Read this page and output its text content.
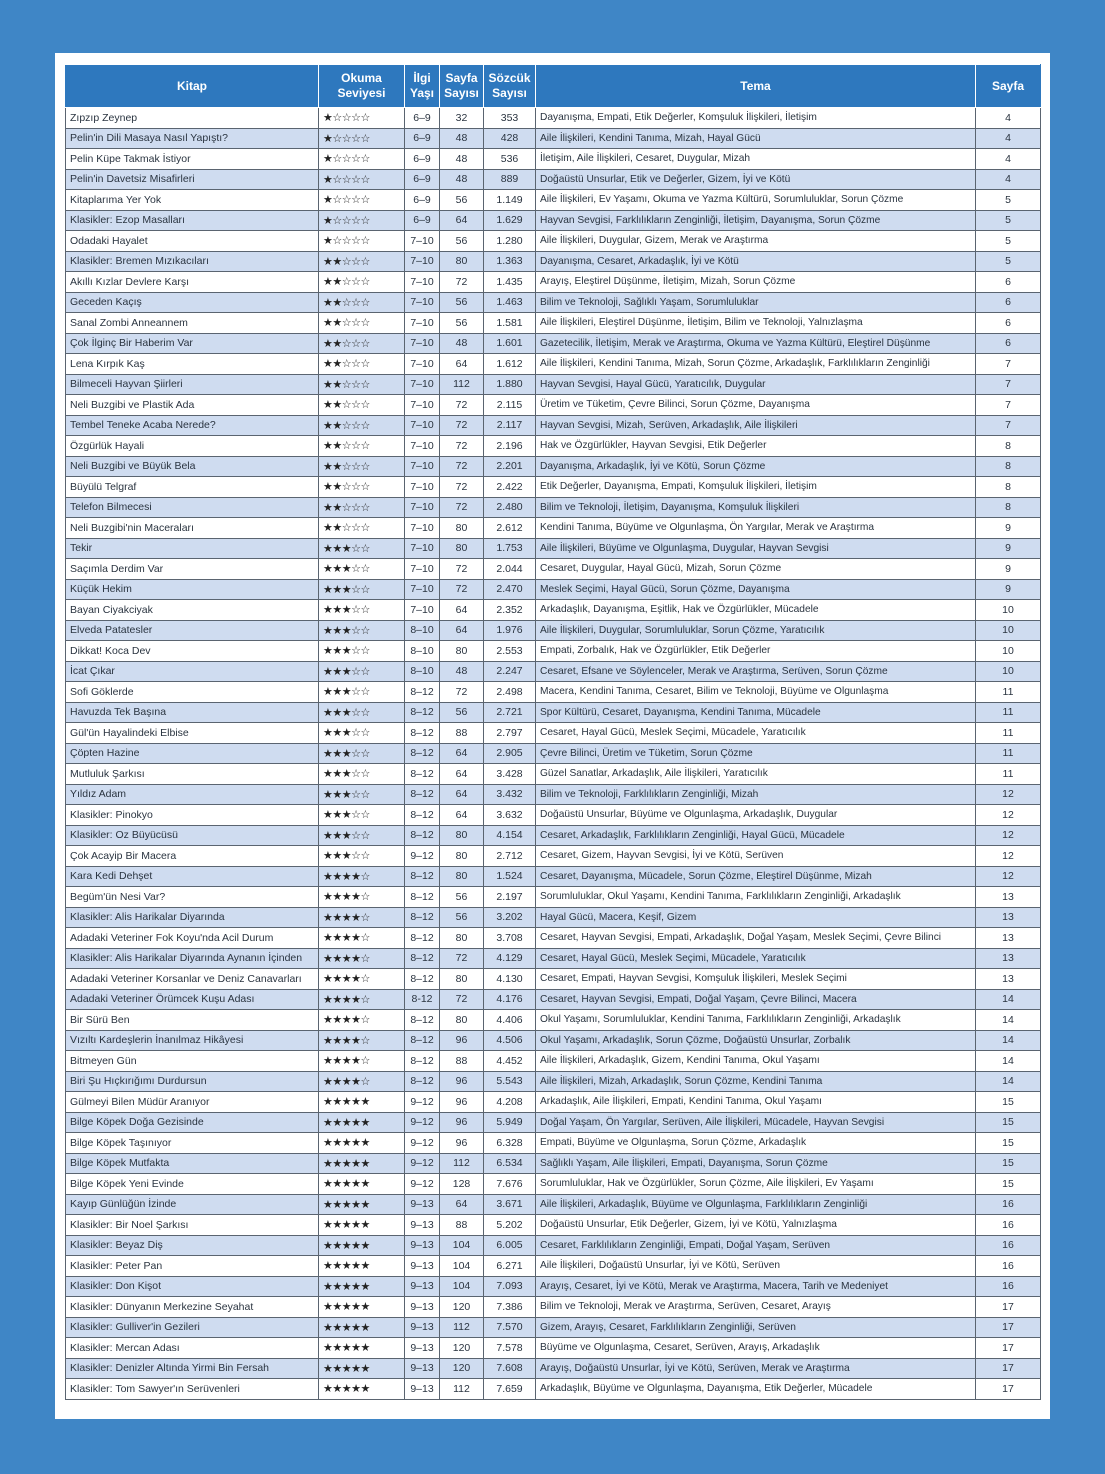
Kitap	Okuma Seviyesi	İlgi Yaşı	Sayfa Sayısı	Sözcük Sayısı	Tema	Sayfa
Zıpzıp Zeynep	★☆☆☆☆	6–9	32	353	Dayanışma, Empati, Etik Değerler, Komşuluk İlişkileri, İletişim	4
Pelin'in Dili Masaya Nasıl Yapıştı?	★☆☆☆☆	6–9	48	428	Aile İlişkileri, Kendini Tanıma, Mizah, Hayal Gücü	4
Pelin Küpe Takmak İstiyor	★☆☆☆☆	6–9	48	536	İletişim, Aile İlişkileri, Cesaret, Duygular, Mizah	4
Pelin'in Davetsiz Misafirleri	★☆☆☆☆	6–9	48	889	Doğaüstü Unsurlar, Etik ve Değerler, Gizem, İyi ve Kötü	4
Kitaplarıma Yer Yok	★☆☆☆☆	6–9	56	1.149	Aile İlişkileri, Ev Yaşamı, Okuma ve Yazma Kültürü, Sorumluluklar, Sorun Çözme	5
Klasikler: Ezop Masalları	★☆☆☆☆	6–9	64	1.629	Hayvan Sevgisi, Farklılıkların Zenginliği, İletişim, Dayanışma, Sorun Çözme	5
Odadaki Hayalet	★☆☆☆☆	7–10	56	1.280	Aile İlişkileri, Duygular, Gizem, Merak ve Araştırma	5
Klasikler: Bremen Mızıkacıları	★★☆☆☆	7–10	80	1.363	Dayanışma, Cesaret, Arkadaşlık, İyi ve Kötü	5
Akıllı Kızlar Devlere Karşı	★★☆☆☆	7–10	72	1.435	Arayış, Eleştirel Düşünme, İletişim, Mizah, Sorun Çözme	6
Geceden Kaçış	★★☆☆☆	7–10	56	1.463	Bilim ve Teknoloji, Sağlıklı Yaşam, Sorumluluklar	6
Sanal Zombi Anneannem	★★☆☆☆	7–10	56	1.581	Aile İlişkileri, Eleştirel Düşünme, İletişim, Bilim ve Teknoloji, Yalnızlaşma	6
Çok İlginç Bir Haberim Var	★★☆☆☆	7–10	48	1.601	Gazetecilik, İletişim, Merak ve Araştırma, Okuma ve Yazma Kültürü, Eleştirel Düşünme	6
Lena Kırpık Kaş	★★☆☆☆	7–10	64	1.612	Aile İlişkileri, Kendini Tanıma, Mizah, Sorun Çözme, Arkadaşlık, Farklılıkların Zenginliği	7
Bilmeceli Hayvan Şiirleri	★★☆☆☆	7–10	112	1.880	Hayvan Sevgisi, Hayal Gücü, Yaratıcılık, Duygular	7
Neli Buzgibi ve Plastik Ada	★★☆☆☆	7–10	72	2.115	Üretim ve Tüketim, Çevre Bilinci, Sorun Çözme, Dayanışma	7
Tembel Teneke Acaba Nerede?	★★☆☆☆	7–10	72	2.117	Hayvan Sevgisi, Mizah, Serüven, Arkadaşlık, Aile İlişkileri	7
Özgürlük Hayali	★★☆☆☆	7–10	72	2.196	Hak ve Özgürlükler, Hayvan Sevgisi, Etik Değerler	8
Neli Buzgibi ve Büyük Bela	★★☆☆☆	7–10	72	2.201	Dayanışma, Arkadaşlık, İyi ve Kötü, Sorun Çözme	8
Büyülü Telgraf	★★☆☆☆	7–10	72	2.422	Etik Değerler, Dayanışma, Empati, Komşuluk İlişkileri, İletişim	8
Telefon Bilmecesi	★★☆☆☆	7–10	72	2.480	Bilim ve Teknoloji, İletişim, Dayanışma, Komşuluk İlişkileri	8
Neli Buzgibi'nin Maceraları	★★☆☆☆	7–10	80	2.612	Kendini Tanıma, Büyüme ve Olgunlaşma, Ön Yargılar, Merak ve Araştırma	9
Tekir	★★★☆☆	7–10	80	1.753	Aile İlişkileri, Büyüme ve Olgunlaşma, Duygular, Hayvan Sevgisi	9
Saçımla Derdim Var	★★★☆☆	7–10	72	2.044	Cesaret, Duygular, Hayal Gücü, Mizah, Sorun Çözme	9
Küçük Hekim	★★★☆☆	7–10	72	2.470	Meslek Seçimi, Hayal Gücü, Sorun Çözme, Dayanışma	9
Bayan Ciyakciyak	★★★☆☆	7–10	64	2.352	Arkadaşlık, Dayanışma, Eşitlik, Hak ve Özgürlükler, Mücadele	10
Elveda Patatesler	★★★☆☆	8–10	64	1.976	Aile İlişkileri, Duygular, Sorumluluklar, Sorun Çözme, Yaratıcılık	10
Dikkat! Koca Dev	★★★☆☆	8–10	80	2.553	Empati, Zorbalık, Hak ve Özgürlükler, Etik Değerler	10
İcat Çıkar	★★★☆☆	8–10	48	2.247	Cesaret, Efsane ve Söylenceler, Merak ve Araştırma, Serüven, Sorun Çözme	10
Sofi Göklerde	★★★☆☆	8–12	72	2.498	Macera, Kendini Tanıma, Cesaret, Bilim ve Teknoloji, Büyüme ve Olgunlaşma	11
Havuzda Tek Başına	★★★☆☆	8–12	56	2.721	Spor Kültürü, Cesaret, Dayanışma, Kendini Tanıma, Mücadele	11
Gül'ün Hayalindeki Elbise	★★★☆☆	8–12	88	2.797	Cesaret, Hayal Gücü, Meslek Seçimi, Mücadele, Yaratıcılık	11
Çöpten Hazine	★★★☆☆	8–12	64	2.905	Çevre Bilinci, Üretim ve Tüketim, Sorun Çözme	11
Mutluluk Şarkısı	★★★☆☆	8–12	64	3.428	Güzel Sanatlar, Arkadaşlık, Aile İlişkileri, Yaratıcılık	11
Yıldız Adam	★★★☆☆	8–12	64	3.432	Bilim ve Teknoloji, Farklılıkların Zenginliği, Mizah	12
Klasikler: Pinokyo	★★★☆☆	8–12	64	3.632	Doğaüstü Unsurlar, Büyüme ve Olgunlaşma, Arkadaşlık, Duygular	12
Klasikler: Oz Büyücüsü	★★★☆☆	8–12	80	4.154	Cesaret, Arkadaşlık, Farklılıkların Zenginliği, Hayal Gücü, Mücadele	12
Çok Acayip Bir Macera	★★★☆☆	9–12	80	2.712	Cesaret, Gizem, Hayvan Sevgisi, İyi ve Kötü, Serüven	12
Kara Kedi Dehşet	★★★★☆	8–12	80	1.524	Cesaret, Dayanışma, Mücadele, Sorun Çözme, Eleştirel Düşünme, Mizah	12
Begüm'ün Nesi Var?	★★★★☆	8–12	56	2.197	Sorumluluklar, Okul Yaşamı, Kendini Tanıma, Farklılıkların Zenginliği, Arkadaşlık	13
Klasikler: Alis Harikalar Diyarında	★★★★☆	8–12	56	3.202	Hayal Gücü, Macera, Keşif, Gizem	13
Adadaki Veteriner Fok Koyu'nda Acil Durum	★★★★☆	8–12	80	3.708	Cesaret, Hayvan Sevgisi, Empati, Arkadaşlık, Doğal Yaşam, Meslek Seçimi, Çevre Bilinci	13
Klasikler: Alis Harikalar Diyarında Aynanın İçinden	★★★★☆	8–12	72	4.129	Cesaret, Hayal Gücü, Meslek Seçimi, Mücadele, Yaratıcılık	13
Adadaki Veteriner Korsanlar ve Deniz Canavarları	★★★★☆	8–12	80	4.130	Cesaret, Empati, Hayvan Sevgisi, Komşuluk İlişkileri, Meslek Seçimi	13
Adadaki Veteriner Örümcek Kuşu Adası	★★★★☆	8-12	72	4.176	Cesaret, Hayvan Sevgisi, Empati, Doğal Yaşam, Çevre Bilinci, Macera	14
Bir Sürü Ben	★★★★☆	8–12	80	4.406	Okul Yaşamı, Sorumluluklar, Kendini Tanıma, Farklılıkların Zenginliği, Arkadaşlık	14
Vızıltı Kardeşlerin İnanılmaz Hikâyesi	★★★★☆	8–12	96	4.506	Okul Yaşamı, Arkadaşlık, Sorun Çözme, Doğaüstü Unsurlar, Zorbalık	14
Bitmeyen Gün	★★★★☆	8–12	88	4.452	Aile İlişkileri, Arkadaşlık, Gizem, Kendini Tanıma, Okul Yaşamı	14
Biri Şu Hıçkırığımı Durdursun	★★★★☆	8–12	96	5.543	Aile İlişkileri, Mizah, Arkadaşlık, Sorun Çözme, Kendini Tanıma	14
Gülmeyi Bilen Müdür Aranıyor	★★★★★	9–12	96	4.208	Arkadaşlık, Aile İlişkileri, Empati, Kendini Tanıma, Okul Yaşamı	15
Bilge Köpek Doğa Gezisinde	★★★★★	9–12	96	5.949	Doğal Yaşam, Ön Yargılar, Serüven, Aile İlişkileri, Mücadele, Hayvan Sevgisi	15
Bilge Köpek Taşınıyor	★★★★★	9–12	96	6.328	Empati, Büyüme ve Olgunlaşma, Sorun Çözme, Arkadaşlık	15
Bilge Köpek Mutfakta	★★★★★	9–12	112	6.534	Sağlıklı Yaşam, Aile İlişkileri, Empati, Dayanışma, Sorun Çözme	15
Bilge Köpek Yeni Evinde	★★★★★	9–12	128	7.676	Sorumluluklar, Hak ve Özgürlükler, Sorun Çözme, Aile İlişkileri, Ev Yaşamı	15
Kayıp Günlüğün İzinde	★★★★★	9–13	64	3.671	Aile İlişkileri, Arkadaşlık, Büyüme ve Olgunlaşma, Farklılıkların Zenginliği	16
Klasikler: Bir Noel Şarkısı	★★★★★	9–13	88	5.202	Doğaüstü Unsurlar, Etik Değerler, Gizem, İyi ve Kötü, Yalnızlaşma	16
Klasikler: Beyaz Diş	★★★★★	9–13	104	6.005	Cesaret, Farklılıkların Zenginliği, Empati, Doğal Yaşam, Serüven	16
Klasikler: Peter Pan	★★★★★	9–13	104	6.271	Aile İlişkileri, Doğaüstü Unsurlar, İyi ve Kötü, Serüven	16
Klasikler: Don Kişot	★★★★★	9–13	104	7.093	Arayış, Cesaret, İyi ve Kötü, Merak ve Araştırma, Macera, Tarih ve Medeniyet	16
Klasikler: Dünyanın Merkezine Seyahat	★★★★★	9–13	120	7.386	Bilim ve Teknoloji, Merak ve Araştırma, Serüven, Cesaret, Arayış	17
Klasikler: Gulliver'in Gezileri	★★★★★	9–13	112	7.570	Gizem, Arayış, Cesaret, Farklılıkların Zenginliği, Serüven	17
Klasikler: Mercan Adası	★★★★★	9–13	120	7.578	Büyüme ve Olgunlaşma, Cesaret, Serüven, Arayış, Arkadaşlık	17
Klasikler: Denizler Altında Yirmi Bin Fersah	★★★★★	9–13	120	7.608	Arayış, Doğaüstü Unsurlar, İyi ve Kötü, Serüven, Merak ve Araştırma	17
Klasikler: Tom Sawyer'ın Serüvenleri	★★★★★	9–13	112	7.659	Arkadaşlık, Büyüme ve Olgunlaşma, Dayanışma, Etik Değerler, Mücadele	17
